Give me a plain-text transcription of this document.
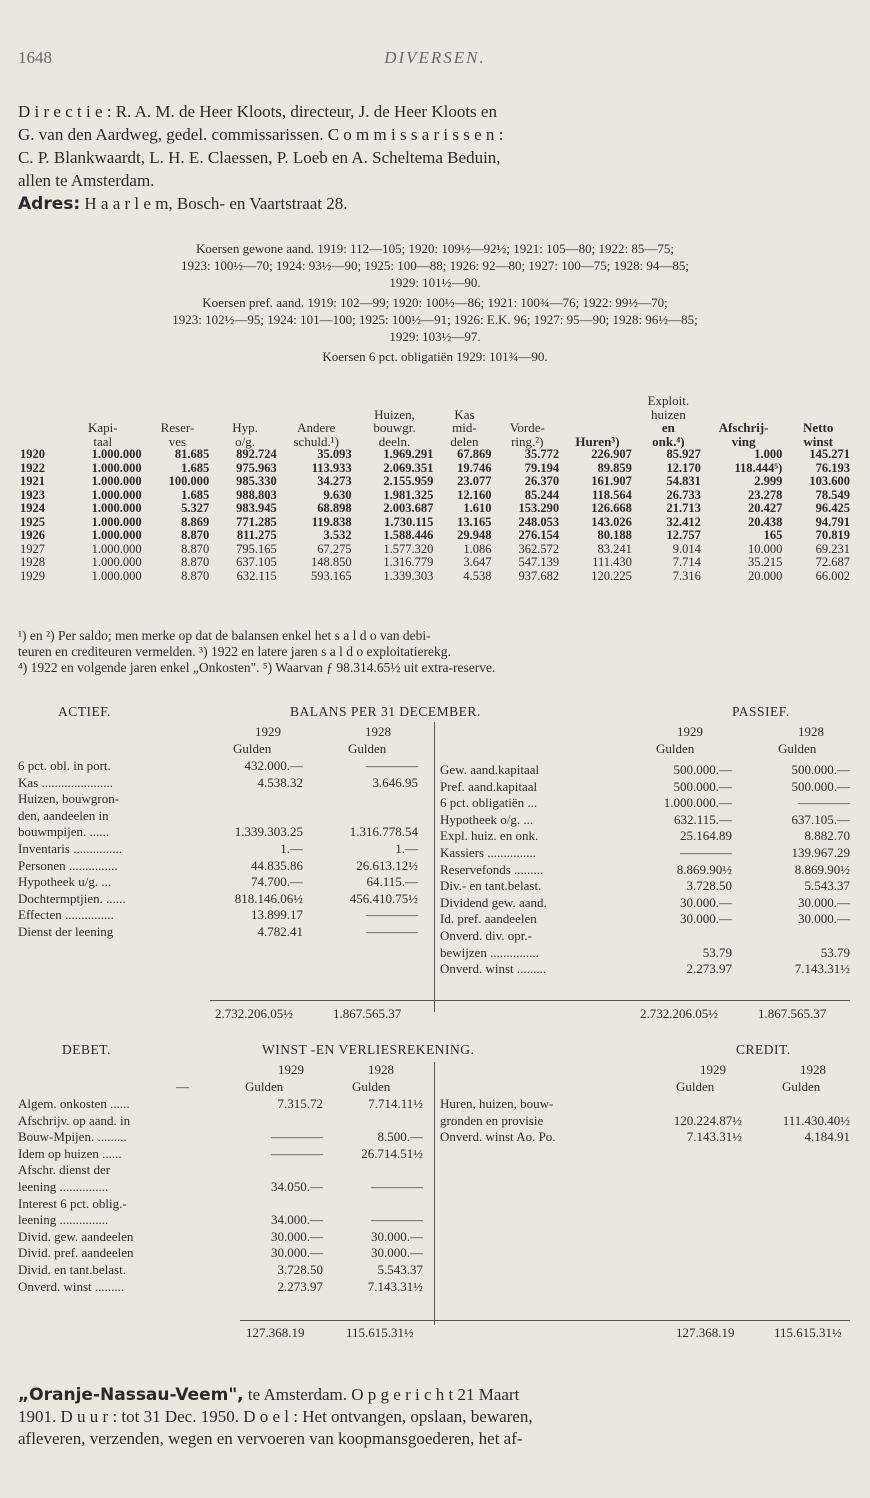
1648	DIVERSEN.

D i r e c t i e : R. A. M. de Heer Kloots, directeur, J. de Heer Kloots en

G. van den Aardweg, gedel. commissarissen. C o m m i s s a r i s s e n :

C. P. Blankwaardt, L. H. E. Claessen, P. Loeb en A. Scheltema Beduin,

allen te Amsterdam.

Adres: H a a r l e m, Bosch- en Vaartstraat 28.

Koersen gewone aand. 1919: 112—105; 1920: 109½—92½; 1921: 105—80; 1922: 85—75;
1923: 100½—70; 1924: 93½—90; 1925: 100—88; 1926: 92—80; 1927: 100—75; 1928: 94—85;
1929: 101½—90.
Koersen pref. aand. 1919: 102—99; 1920: 100½—86; 1921: 100¾—76; 1922: 99½—70;
1923: 102½—95; 1924: 101—100; 1925: 100½—91; 1926: E.K. 96; 1927: 95—90; 1928: 96½—85;
1929: 103½—97.
Koersen 6 pct. obligatiën 1929: 101¾—90.
									Exploit.		
					Huizen,	Kas			huizen		
	Kapi-	Reser-	Hyp.	Andere	bouwgr.	mid-	Vorde-		en	Afschrij-	Netto
	taal	ves	o/g.	schuld.¹)	deeln.	delen	ring.²)	Huren³)	onk.⁴)	ving	winst
1920	1.000.000	81.685	892.724	35.093	1.969.291	67.869	35.772	226.907	85.927	1.000	145.271
1922	1.000.000	1.685	975.963	113.933	2.069.351	19.746	79.194	89.859	12.170	118.444⁵)	76.193
1921	1.000.000	100.000	985.330	34.273	2.155.959	23.077	26.370	161.907	54.831	2.999	103.600
1923	1.000.000	1.685	988.803	9.630	1.981.325	12.160	85.244	118.564	26.733	23.278	78.549
1924	1.000.000	5.327	983.945	68.898	2.003.687	1.610	153.290	126.668	21.713	20.427	96.425
1925	1.000.000	8.869	771.285	119.838	1.730.115	13.165	248.053	143.026	32.412	20.438	94.791
1926	1.000.000	8.870	811.275	3.532	1.588.446	29.948	276.154	80.188	12.757	165	70.819
1927	1.000.000	8.870	795.165	67.275	1.577.320	1.086	362.572	83.241	9.014	10.000	69.231
1928	1.000.000	8.870	637.105	148.850	1.316.779	3.647	547.139	111.430	7.714	35.215	72.687
1929	1.000.000	8.870	632.115	593.165	1.339.303	4.538	937.682	120.225	7.316	20.000	66.002
¹) en ²) Per saldo; men merke op dat de balansen enkel het s a l d o van debi-
teuren en crediteuren vermelden. ³) 1922 en latere jaren s a l d o exploitatierekg.
⁴) 1922 en volgende jaren enkel „Onkosten". ⁵) Waarvan ƒ 98.314.65½ uit extra-reserve.
ACTIEF.	BALANS PER 31 DECEMBER.	PASSIEF.
1929	1928
Gulden	Gulden
1929	1928
Gulden	Gulden
6 pct. obl. in port.	432.000.—	————
Kas ......................	4.538.32	3.646.95
Huizen, bouwgron-
den, aandeelen in
bouwmpijen. ......	1.339.303.25	1.316.778.54
Inventaris ...............	1.—	1.—
Personen ...............	44.835.86	26.613.12½
Hypotheek u/g. ...	74.700.—	64.115.—
Dochtermptjien. ......	818.146.06½	456.410.75½
Effecten ...............	13.899.17	————
Dienst der leening	4.782.41	————
Gew. aand.kapitaal	500.000.—	500.000.—
Pref. aand.kapitaal	500.000.—	500.000.—
6 pct. obligatiën ...	1.000.000.—	————
Hypotheek o/g. ...	632.115.—	637.105.—
Expl. huiz. en onk.	25.164.89	8.882.70
Kassiers ...............	————	139.967.29
Reservefonds .........	8.869.90½	8.869.90½
Div.- en tant.belast.	3.728.50	5.543.37
Dividend gew. aand.	30.000.—	30.000.—
Id. pref. aandeelen	30.000.—	30.000.—
Onverd. div. opr.-
bewijzen ...............	53.79	53.79
Onverd. winst .........	2.273.97	7.143.31½
2.732.206.05½	1.867.565.37	2.732.206.05½	1.867.565.37
DEBET.	WINST -EN VERLIESREKENING.	CREDIT.
1929	1928
—	Gulden	Gulden
1929	1928
Gulden	Gulden
Algem. onkosten ......	7.315.72	7.714.11½
Afschrijv. op aand. in
Bouw-Mpijen. .........	————	8.500.—
Idem op huizen ......	————	26.714.51½
Afschr. dienst der
leening ...............	34.050.—	————
Interest 6 pct. oblig.-
leening ...............	34.000.—	————
Divid. gew. aandeelen	30.000.—	30.000.—
Divid. pref. aandeelen	30.000.—	30.000.—
Divid. en tant.belast.	3.728.50	5.543.37
Onverd. winst .........	2.273.97	7.143.31½
Huren, huizen, bouw-
gronden en provisie	120.224.87½	111.430.40½
Onverd. winst Ao. Po.	7.143.31½	4.184.91
127.368.19	115.615.31½	127.368.19	115.615.31½

„Oranje-Nassau-Veem", te Amsterdam. O p g e r i c h t 21 Maart

1901. D u u r : tot 31 Dec. 1950. D o e l : Het ontvangen, opslaan, bewaren,

afleveren, verzenden, wegen en vervoeren van koopmansgoederen, het af-
